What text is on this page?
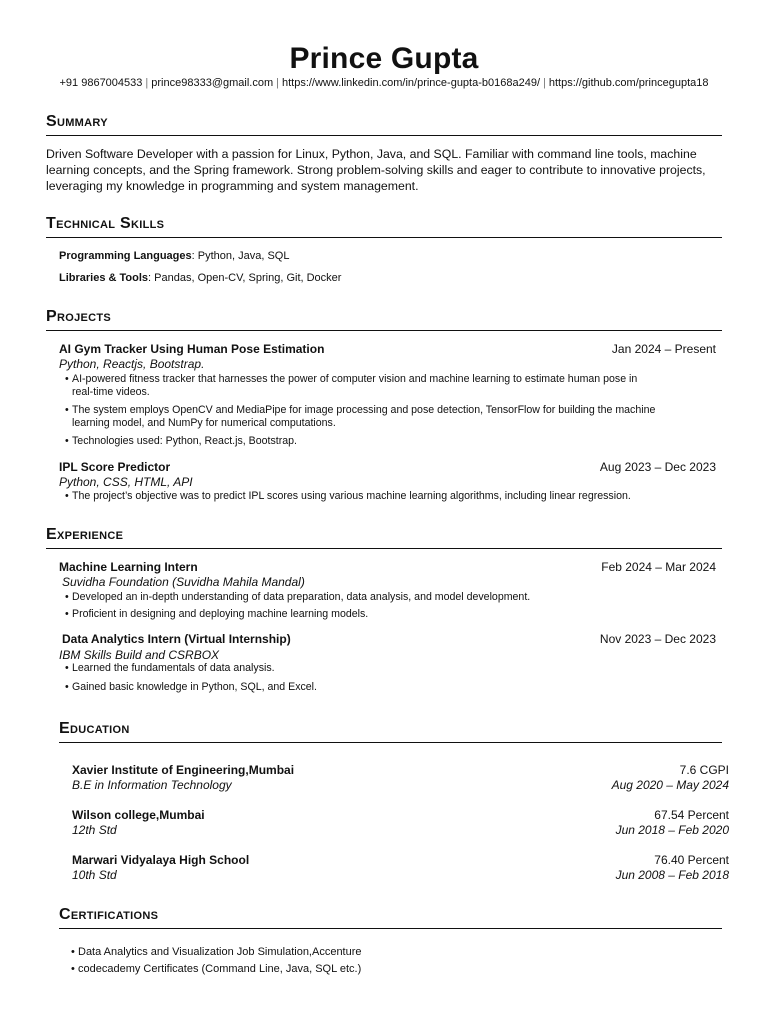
Prince Gupta
+91 9867004533 | prince98333@gmail.com | https://www.linkedin.com/in/prince-gupta-b0168a249/ | https://github.com/princegupta18
Summary
Driven Software Developer with a passion for Linux, Python, Java, and SQL. Familiar with command line tools, machine
learning concepts, and the Spring framework. Strong problem-solving skills and eager to contribute to innovative projects,
leveraging my knowledge in programming and system management.
Technical Skills
Programming Languages: Python, Java, SQL
Libraries & Tools: Pandas, Open-CV, Spring, Git, Docker
Projects
AI Gym Tracker Using Human Pose Estimation	Jan 2024 – Present
Python, Reactjs, Bootstrap.
• AI-powered fitness tracker that harnesses the power of computer vision and machine learning to estimate human pose in
real-time videos.
• The system employs OpenCV and MediaPipe for image processing and pose detection, TensorFlow for building the machine
learning model, and NumPy for numerical computations.
• Technologies used: Python, React.js, Bootstrap.
IPL Score Predictor	Aug 2023 – Dec 2023
Python, CSS, HTML, API
• The project’s objective was to predict IPL scores using various machine learning algorithms, including linear regression.
Experience
Machine Learning Intern	Feb 2024 – Mar 2024
Suvidha Foundation (Suvidha Mahila Mandal)
• Developed an in-depth understanding of data preparation, data analysis, and model development.
• Proficient in designing and deploying machine learning models.
Data Analytics Intern (Virtual Internship)	Nov 2023 – Dec 2023
IBM Skills Build and CSRBOX
• Learned the fundamentals of data analysis.
• Gained basic knowledge in Python, SQL, and Excel.
Education
Xavier Institute of Engineering,Mumbai	7.6 CGPI
B.E in Information Technology	Aug 2020 – May 2024
Wilson college,Mumbai	67.54 Percent
12th Std	Jun 2018 – Feb 2020
Marwari Vidyalaya High School	76.40 Percent
10th Std	Jun 2008 – Feb 2018
Certifications
• Data Analytics and Visualization Job Simulation,Accenture
• codecademy Certificates (Command Line, Java, SQL etc.)
